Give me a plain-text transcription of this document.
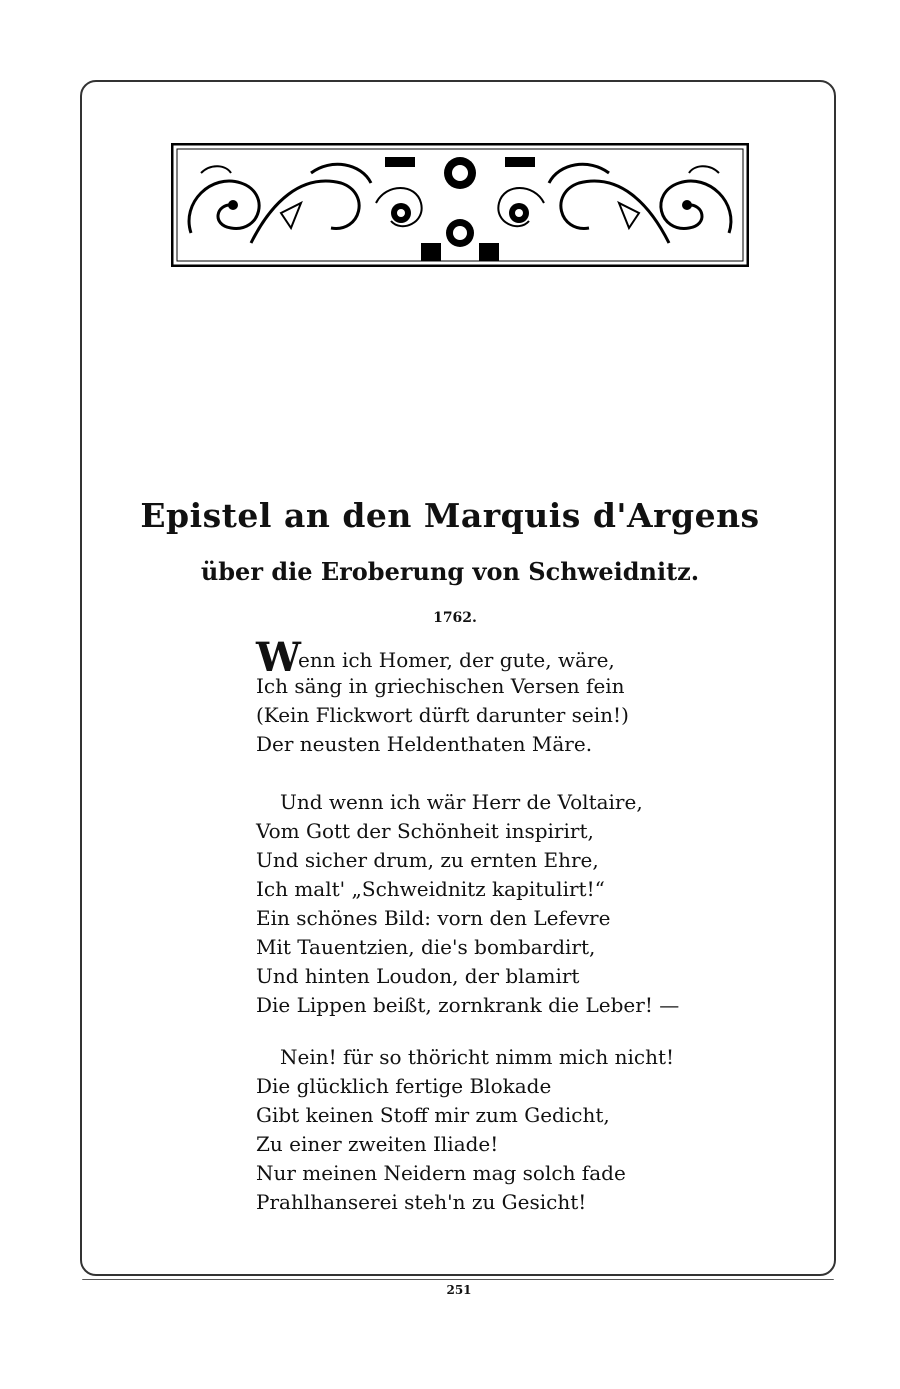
Epistel an den Marquis d'Argens
über die Eroberung von Schweidnitz.
1762.
Wenn ich Homer, der gute, wäre,
Ich säng in griechischen Versen fein
(Kein Flickwort dürft darunter sein!)
Der neusten Heldenthaten Märe.
Und wenn ich wär Herr de Voltaire,
Vom Gott der Schönheit inspirirt,
Und sicher drum, zu ernten Ehre,
Ich malt' „Schweidnitz kapitulirt!“
Ein schönes Bild: vorn den Lefevre
Mit Tauentzien, die's bombardirt,
Und hinten Loudon, der blamirt
Die Lippen beißt, zornkrank die Leber! —
Nein! für so thöricht nimm mich nicht!
Die glücklich fertige Blokade
Gibt keinen Stoff mir zum Gedicht,
Zu einer zweiten Iliade!
Nur meinen Neidern mag solch fade
Prahlhanserei steh'n zu Gesicht!
251
